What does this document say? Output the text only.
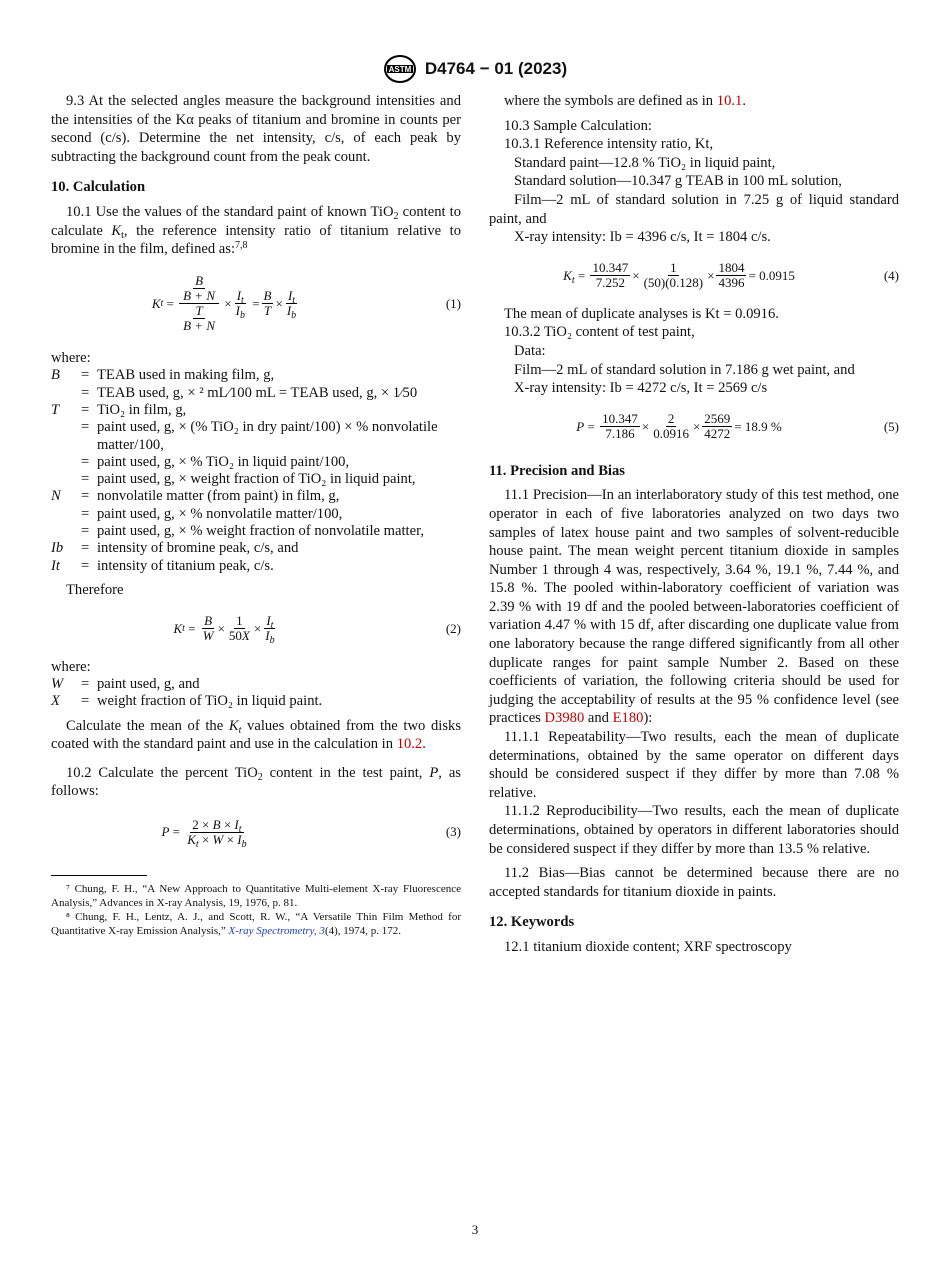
ASTM D4764 − 01 (2023)

9.3 At the selected angles measure the background intensities and the intensities of the Kα peaks of titanium and bromine in counts per second (c/s). Determine the net intensity, c/s, of each peak by subtracting the background count from the peak count.

10. Calculation

10.1 Use the values of the standard paint of known TiO$_2$ content to calculate $K_t$, the reference intensity ratio of titanium relative to bromine in the film, defined as:$^{7,8}$

K $t = \frac{\frac{B}{B + N}}{\frac{T}{B + N}} \times \frac{I_t}{I_b} = \frac{B}{T} \times \frac{I_t}{I_b}$	(1)

where:

B	= TEAB used in making film, g,
= TEAB used, g, × ² mL⁄100 mL = TEAB used, g, × 1⁄50
T	= TiO₂ in film, g,
= paint used, g, × (% TiO₂ in dry paint/100) × % nonvolatile matter/100,
= paint used, g, × % TiO₂ in liquid paint/100,
= paint used, g, × weight fraction of TiO₂ in liquid paint,
N	= nonvolatile matter (from paint) in film, g,
= paint used, g, × % nonvolatile matter/100,
= paint used, g, × % weight fraction of nonvolatile matter,
Ib	= intensity of bromine peak, c/s, and
It	= intensity of titanium peak, c/s.

Therefore

K $t = \frac{B}{W} \times \frac{1}{50X} \times \frac{I_t}{I_b}$	(2)

where:

W	= paint used, g, and
X	= weight fraction of TiO₂ in liquid paint.

Calculate the mean of the $K_t$ values obtained from the two disks coated with the standard paint and use in the calculation in 10.2.

10.2 Calculate the percent TiO$_2$ content in the test paint, P, as follows:

$P = \frac{2 \times B \times I_t}{K_t \times W \times I_b}$	(3)

⁷ Chung, F. H., “A New Approach to Quantitative Multi-element X-ray Fluorescence Analysis,” Advances in X-ray Analysis, 19, 1976, p. 81.

⁸ Chung, F. H., Lentz, A. J., and Scott, R. W., “A Versatile Thin Film Method for Quantitative X-ray Emission Analysis,” X-ray Spectrometry, 3(4), 1974, p. 172.

where the symbols are defined as in 10.1.

10.3 Sample Calculation:

10.3.1 Reference intensity ratio, Kt,

Standard paint—12.8 % TiO₂ in liquid paint,

Standard solution—10.347 g TEAB in 100 mL solution,

Film—2 mL of standard solution in 7.25 g of liquid standard paint, and

X-ray intensity: Ib = 4396 c/s, It = 1804 c/s.

$K_t = \frac{10.347}{7.252} \times \frac{1}{(50)(0.128)} \times \frac{1804}{4396} = 0.0915$	(4)

The mean of duplicate analyses is Kt = 0.0916.

10.3.2 TiO₂ content of test paint,

Data:

Film—2 mL of standard solution in 7.186 g wet paint, and

X-ray intensity: Ib = 4272 c/s, It = 2569 c/s

$P = \frac{10.347}{7.186} \times \frac{2}{0.0916} \times \frac{2569}{4272} = 18.9$ %	(5)

11. Precision and Bias

11.1 Precision—In an interlaboratory study of this test method, one operator in each of five laboratories analyzed on two days two samples of latex house paint and two samples of solvent-reducible house paint. The mean weight percent titanium dioxide in samples Number 1 through 4 was, respectively, 3.64 %, 19.1 %, 7.44 %, and 15.8 %. The pooled within-laboratory coefficient of variation was 2.39 % with 19 df and the pooled between-laboratories coefficient of variation 4.47 % with 15 df, after discarding one duplicate value from one laboratory because the range differed significantly from all other duplicate ranges for paint sample Number 2. Based on these coefficients of variation, the following criteria should be used for judging the acceptability of results at the 95 % confidence level (see practices D3980 and E180):

11.1.1 Repeatability—Two results, each the mean of duplicate determinations, obtained by the same operator on different days should be considered suspect if they differ by more than 7.08 % relative.

11.1.2 Reproducibility—Two results, each the mean of duplicate determinations, obtained by operators in different laboratories should be considered suspect if they differ by more than 13.5 % relative.

11.2 Bias—Bias cannot be determined because there are no accepted standards for titanium dioxide in paints.

12. Keywords

12.1 titanium dioxide content; XRF spectroscopy

3
